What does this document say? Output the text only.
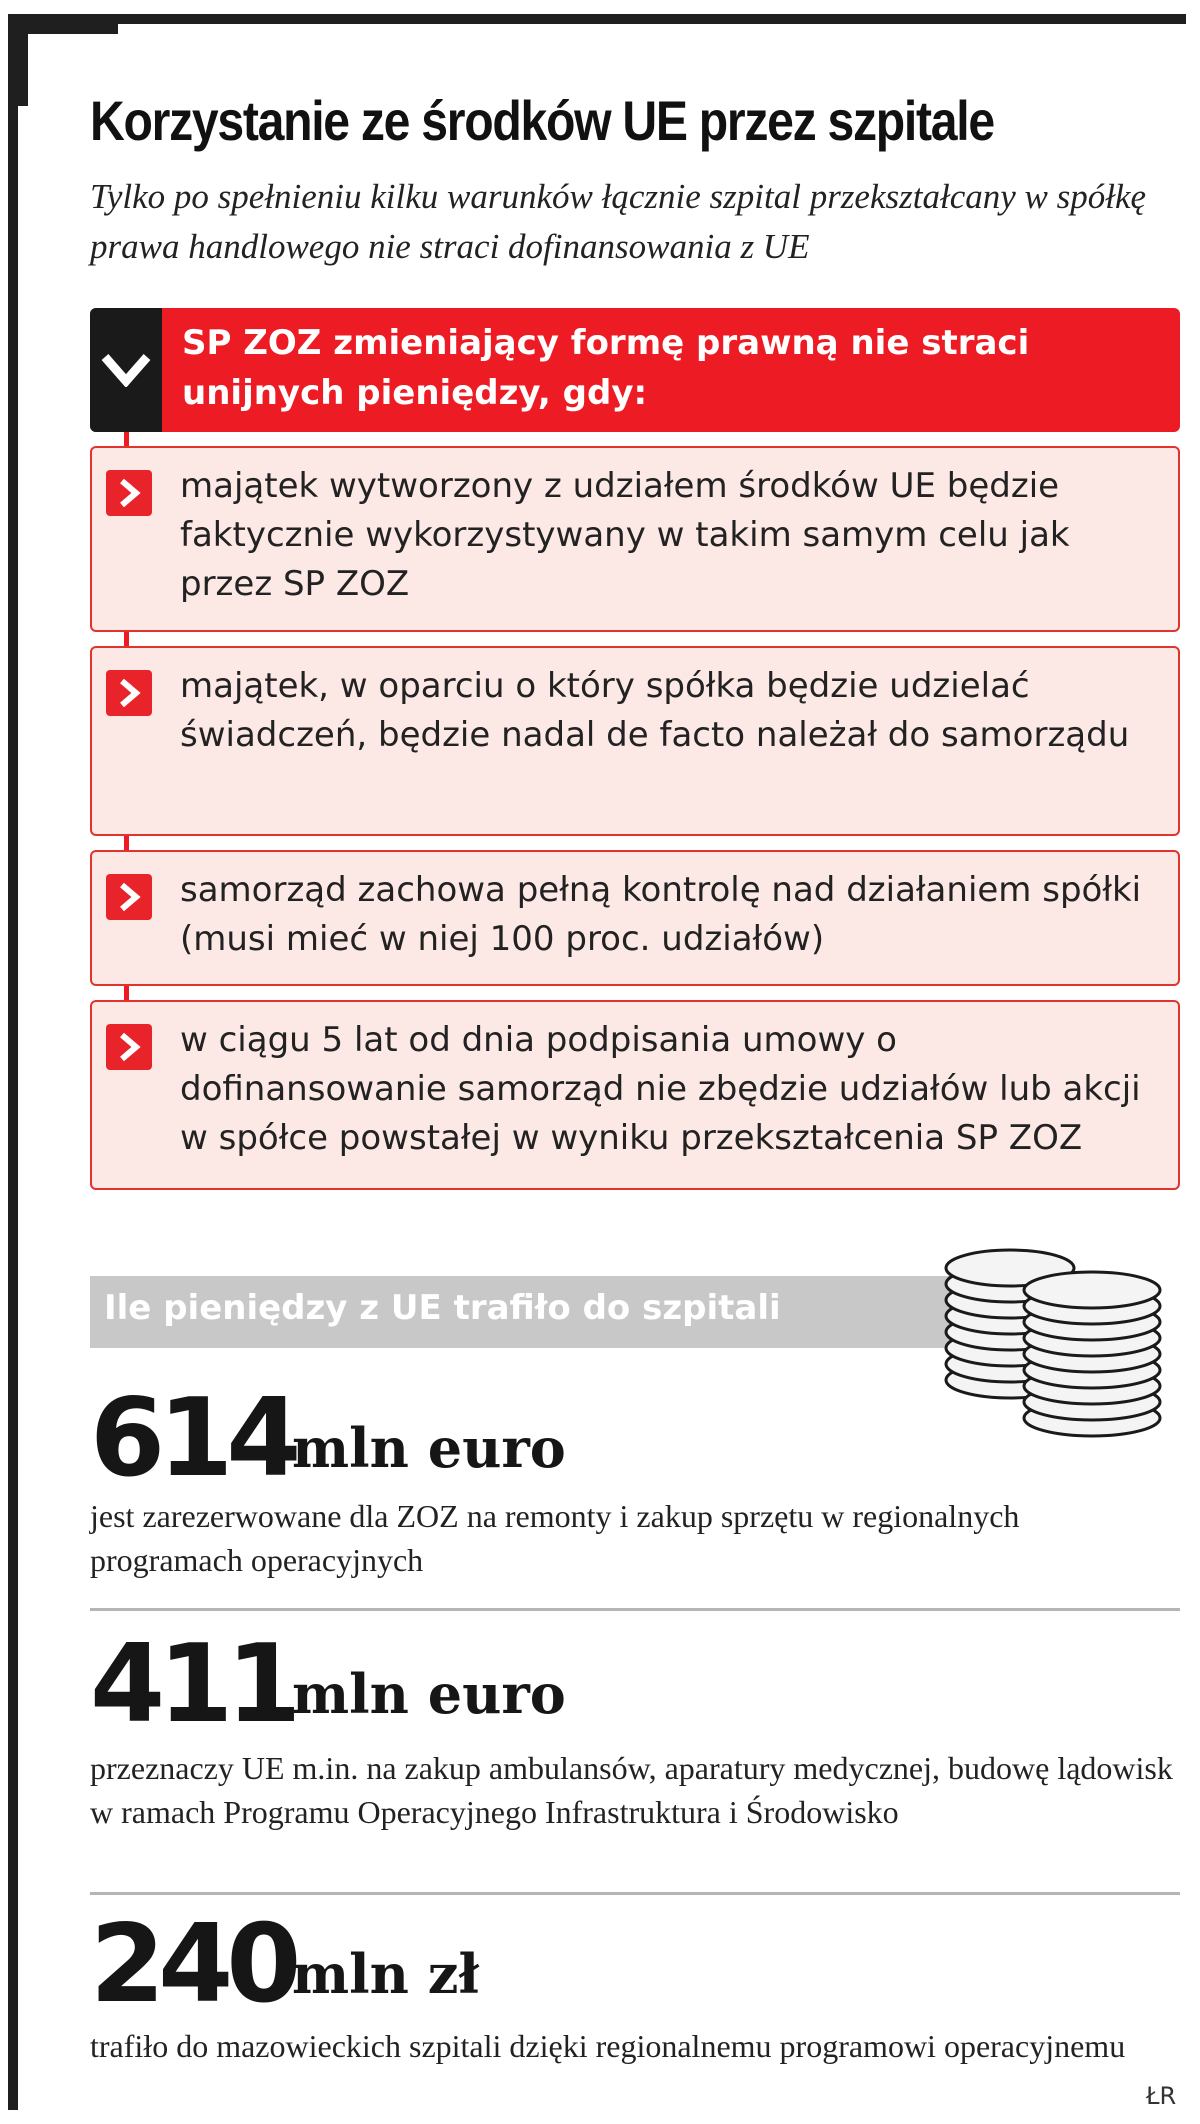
Korzystanie ze środków UE przez szpitale

Tylko po spełnieniu kilku warunków łącznie szpital przekształcany w spółkę prawa handlowego nie straci dofinansowania z UE

SP ZOZ zmieniający formę prawną nie straci unijnych pieniędzy, gdy:

majątek wytworzony z udziałem środków UE będzie faktycznie wykorzystywany w takim samym celu jak przez SP ZOZ

majątek, w oparciu o który spółka będzie udzielać świadczeń, będzie nadal de facto należał do samorządu

samorząd zachowa pełną kontrolę nad działaniem spółki (musi mieć w niej 100 proc. udziałów)

w ciągu 5 lat od dnia podpisania umowy o dofinansowanie samorząd nie zbędzie udziałów lub akcji w spółce powstałej w wyniku przekształcenia SP ZOZ

Ile pieniędzy z UE trafiło do szpitali

614

mln euro

jest zarezerwowane dla ZOZ na remonty i zakup sprzętu w regionalnych programach operacyjnych

411

mln euro

przeznaczy UE m.in. na zakup ambulansów, aparatury medycznej, budowę lądowisk w ramach Programu Operacyjnego Infrastruktura i Środowisko

240

mln zł

trafiło do mazowieckich szpitali dzięki regionalnemu programowi operacyjnemu

ŁR
